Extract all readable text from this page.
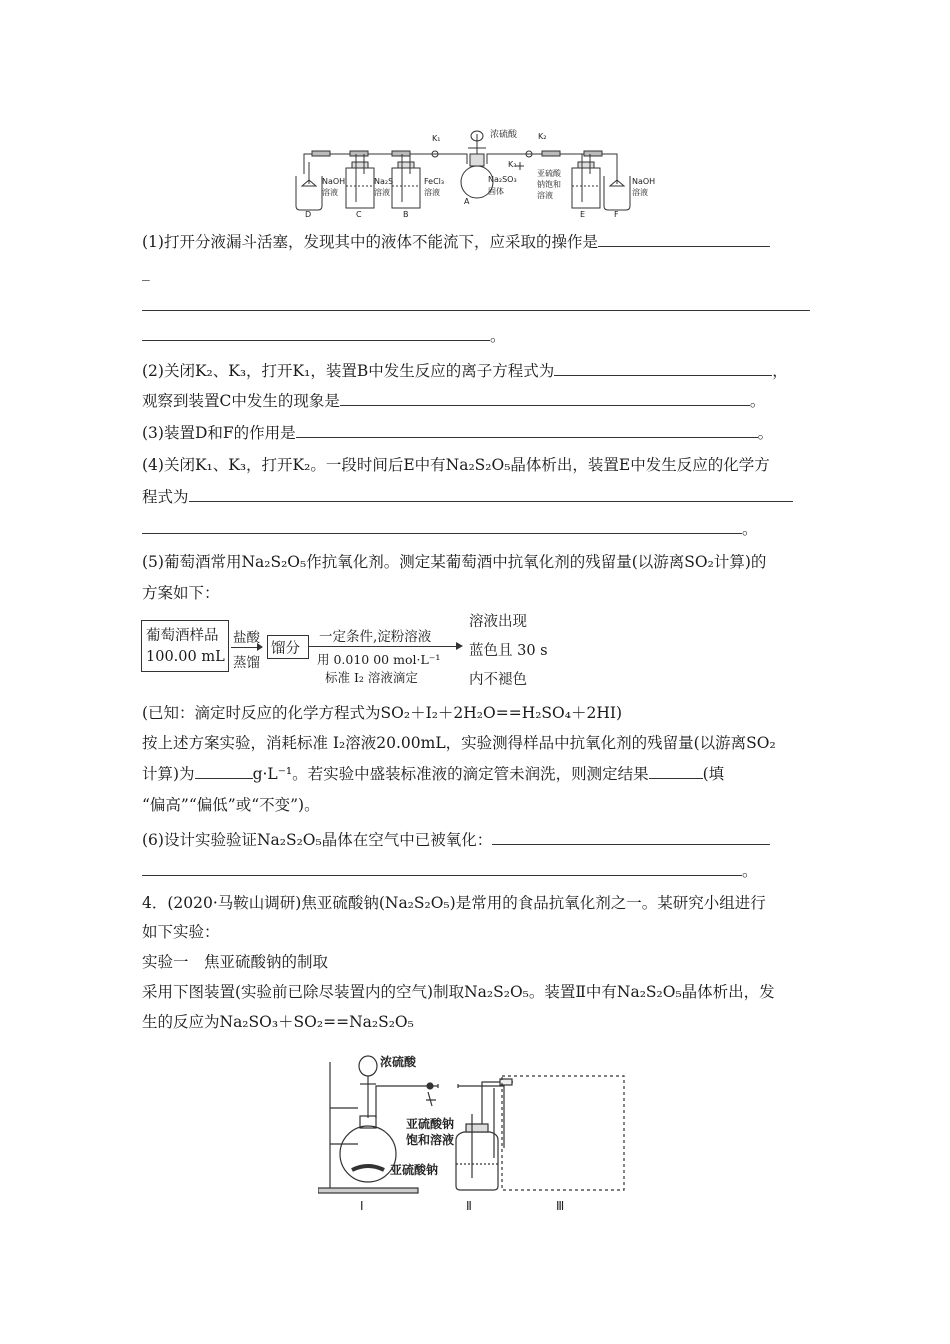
K₁	浓硫酸	K₂
K₃
NaOH
溶液
Na₂S
溶液
FeCl₃
溶液
Na₂SO₃
固体
亚硫酸
钠饱和
溶液
NaOH
溶液
D	C	B
A
E	F
(1)打开分液漏斗活塞，发现其中的液体不能流下，应采取的操作是
_
。
(2)关闭K₂、K₃，打开K₁，装置B中发生反应的离子方程式为	，
观察到装置C中发生的现象是	。
(3)装置D和F的作用是	。
(4)关闭K₁、K₃，打开K₂。一段时间后E中有Na₂S₂O₅晶体析出，装置E中发生反应的化学方
程式为
。
(5)葡萄酒常用Na₂S₂O₅作抗氧化剂。测定某葡萄酒中抗氧化剂的残留量(以游离SO₂计算)的
方案如下：
葡萄酒样品
100.00 mL
盐酸
蒸馏
馏分
一定条件,淀粉溶液
用 0.010 00 mol·L⁻¹
标准 I₂ 溶液滴定
溶液出现
蓝色且 30 s
内不褪色
(已知：滴定时反应的化学方程式为SO₂＋I₂＋2H₂O==H₂SO₄＋2HI)
按上述方案实验，消耗标准 I₂溶液20.00mL，实验测得样品中抗氧化剂的残留量(以游离SO₂
计算)为	g·L⁻¹。若实验中盛装标准液的滴定管未润洗，则测定结果	(填
“偏高”“偏低”或“不变”)。
(6)设计实验验证Na₂S₂O₅晶体在空气中已被氧化：
。
4．(2020·马鞍山调研)焦亚硫酸钠(Na₂S₂O₅)是常用的食品抗氧化剂之一。某研究小组进行
如下实验：
实验一　焦亚硫酸钠的制取
采用下图装置(实验前已除尽装置内的空气)制取Na₂S₂O₅。装置Ⅱ中有Na₂S₂O₅晶体析出，发
生的反应为Na₂SO₃＋SO₂==Na₂S₂O₅
浓硫酸
亚硫酸钠
饱和溶液
亚硫酸钠
Ⅰ	Ⅱ	Ⅲ
